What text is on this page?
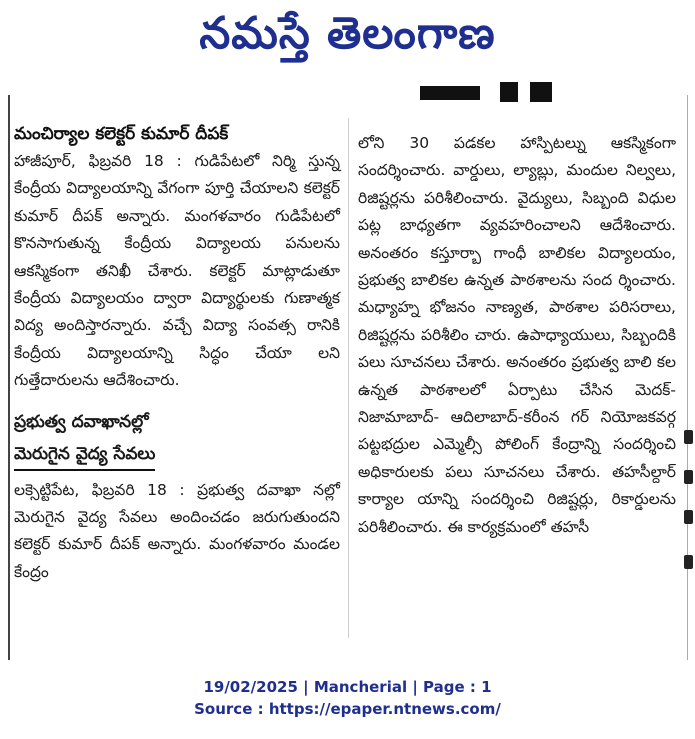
నమస్తే తెలంగాణ

మంచిర్యాల కలెక్టర్ కుమార్ దీపక్

హాజీపూర్, ఫిబ్రవరి 18 : గుడిపేటలో నిర్మి స్తున్న కేంద్రీయ విద్యాలయాన్ని వేగంగా పూర్తి చేయాలని కలెక్టర్ కుమార్ దీపక్ అన్నారు. మంగళవారం గుడిపేటలో కొనసాగుతున్న కేంద్రీయ విద్యాలయ పనులను ఆకస్మికంగా తనిఖీ చేశారు. కలెక్టర్ మాట్లాడుతూ కేంద్రీయ విద్యాలయం ద్వారా విద్యార్థులకు గుణాత్మక విద్య అందిస్తారన్నారు. వచ్చే విద్యా సంవత్స రానికి కేంద్రీయ విద్యాలయాన్ని సిద్ధం చేయా లని గుత్తేదారులను ఆదేశించారు.

ప్రభుత్వ దవాఖానల్లో

మెరుగైన వైద్య సేవలు

లక్సెట్టిపేట, ఫిబ్రవరి 18 : ప్రభుత్వ దవాఖా నల్లో మెరుగైన వైద్య సేవలు అందించడం జరుగుతుందని కలెక్టర్ కుమార్ దీపక్ అన్నారు. మంగళవారం మండల కేంద్రం

లోని 30 పడకల హాస్పిటల్ను ఆకస్మికంగా సందర్శించారు. వార్డులు, ల్యాబ్లు, మందుల నిల్వలు, రిజిష్టర్లను పరిశీలించారు. వైద్యులు, సిబ్బంది విధుల పట్ల బాధ్యతగా వ్యవహరించాలని ఆదేశించారు. అనంతరం కస్తూర్బా గాంధీ బాలికల విద్యాలయం, ప్రభుత్వ బాలికల ఉన్నత పాఠశాలను సంద ర్శించారు. మధ్యాహ్న భోజనం నాణ్యత, పాఠశాల పరిసరాలు, రిజిష్టర్లను పరిశీలిం చారు. ఉపాధ్యాయులు, సిబ్బందికి పలు సూచనలు చేశారు. అనంతరం ప్రభుత్వ బాలి కల ఉన్నత పాఠశాలలో ఏర్పాటు చేసిన మెదక్- నిజామాబాద్- ఆదిలాబాద్-కరీంన గర్ నియోజకవర్గ పట్టభద్రుల ఎమ్మెల్సీ పోలింగ్ కేంద్రాన్ని సందర్శించి అధికారులకు పలు సూచనలు చేశారు. తహసీల్దార్ కార్యాల యాన్ని సందర్శించి రిజిష్టర్లు, రికార్డులను పరిశీలించారు. ఈ కార్యక్రమంలో తహసీ

19/02/2025 | Mancherial | Page : 1
Source : https://epaper.ntnews.com/
